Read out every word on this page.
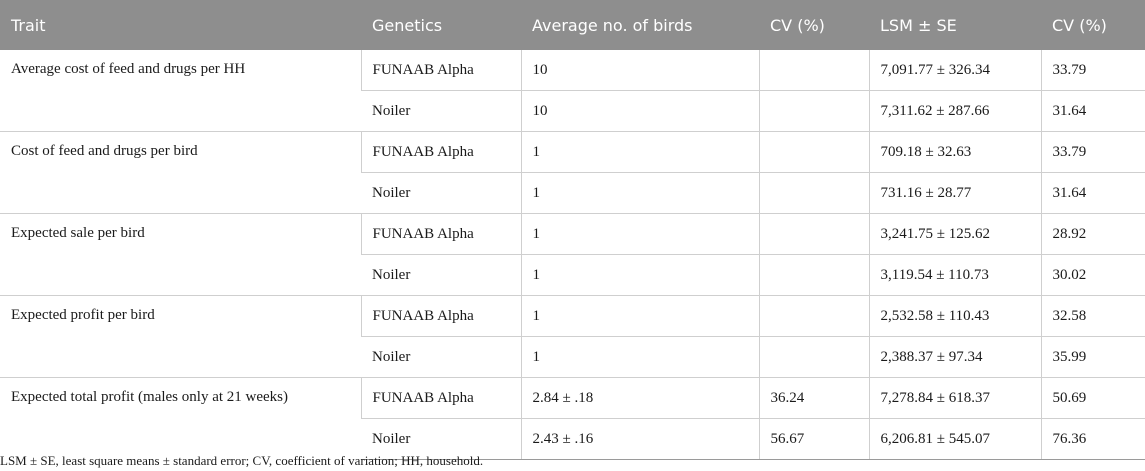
Trait	Genetics	Average no. of birds	CV (%)	LSM ± SE	CV (%)
Average cost of feed and drugs per HH	FUNAAB Alpha	10		7,091.77 ± 326.34	33.79
	Noiler	10		7,311.62 ± 287.66	31.64
Cost of feed and drugs per bird	FUNAAB Alpha	1		709.18 ± 32.63	33.79
	Noiler	1		731.16 ± 28.77	31.64
Expected sale per bird	FUNAAB Alpha	1		3,241.75 ± 125.62	28.92
	Noiler	1		3,119.54 ± 110.73	30.02
Expected profit per bird	FUNAAB Alpha	1		2,532.58 ± 110.43	32.58
	Noiler	1		2,388.37 ± 97.34	35.99
Expected total profit (males only at 21 weeks)	FUNAAB Alpha	2.84 ± .18	36.24	7,278.84 ± 618.37	50.69
	Noiler	2.43 ± .16	56.67	6,206.81 ± 545.07	76.36
LSM ± SE, least square means ± standard error; CV, coefficient of variation; HH, household.
